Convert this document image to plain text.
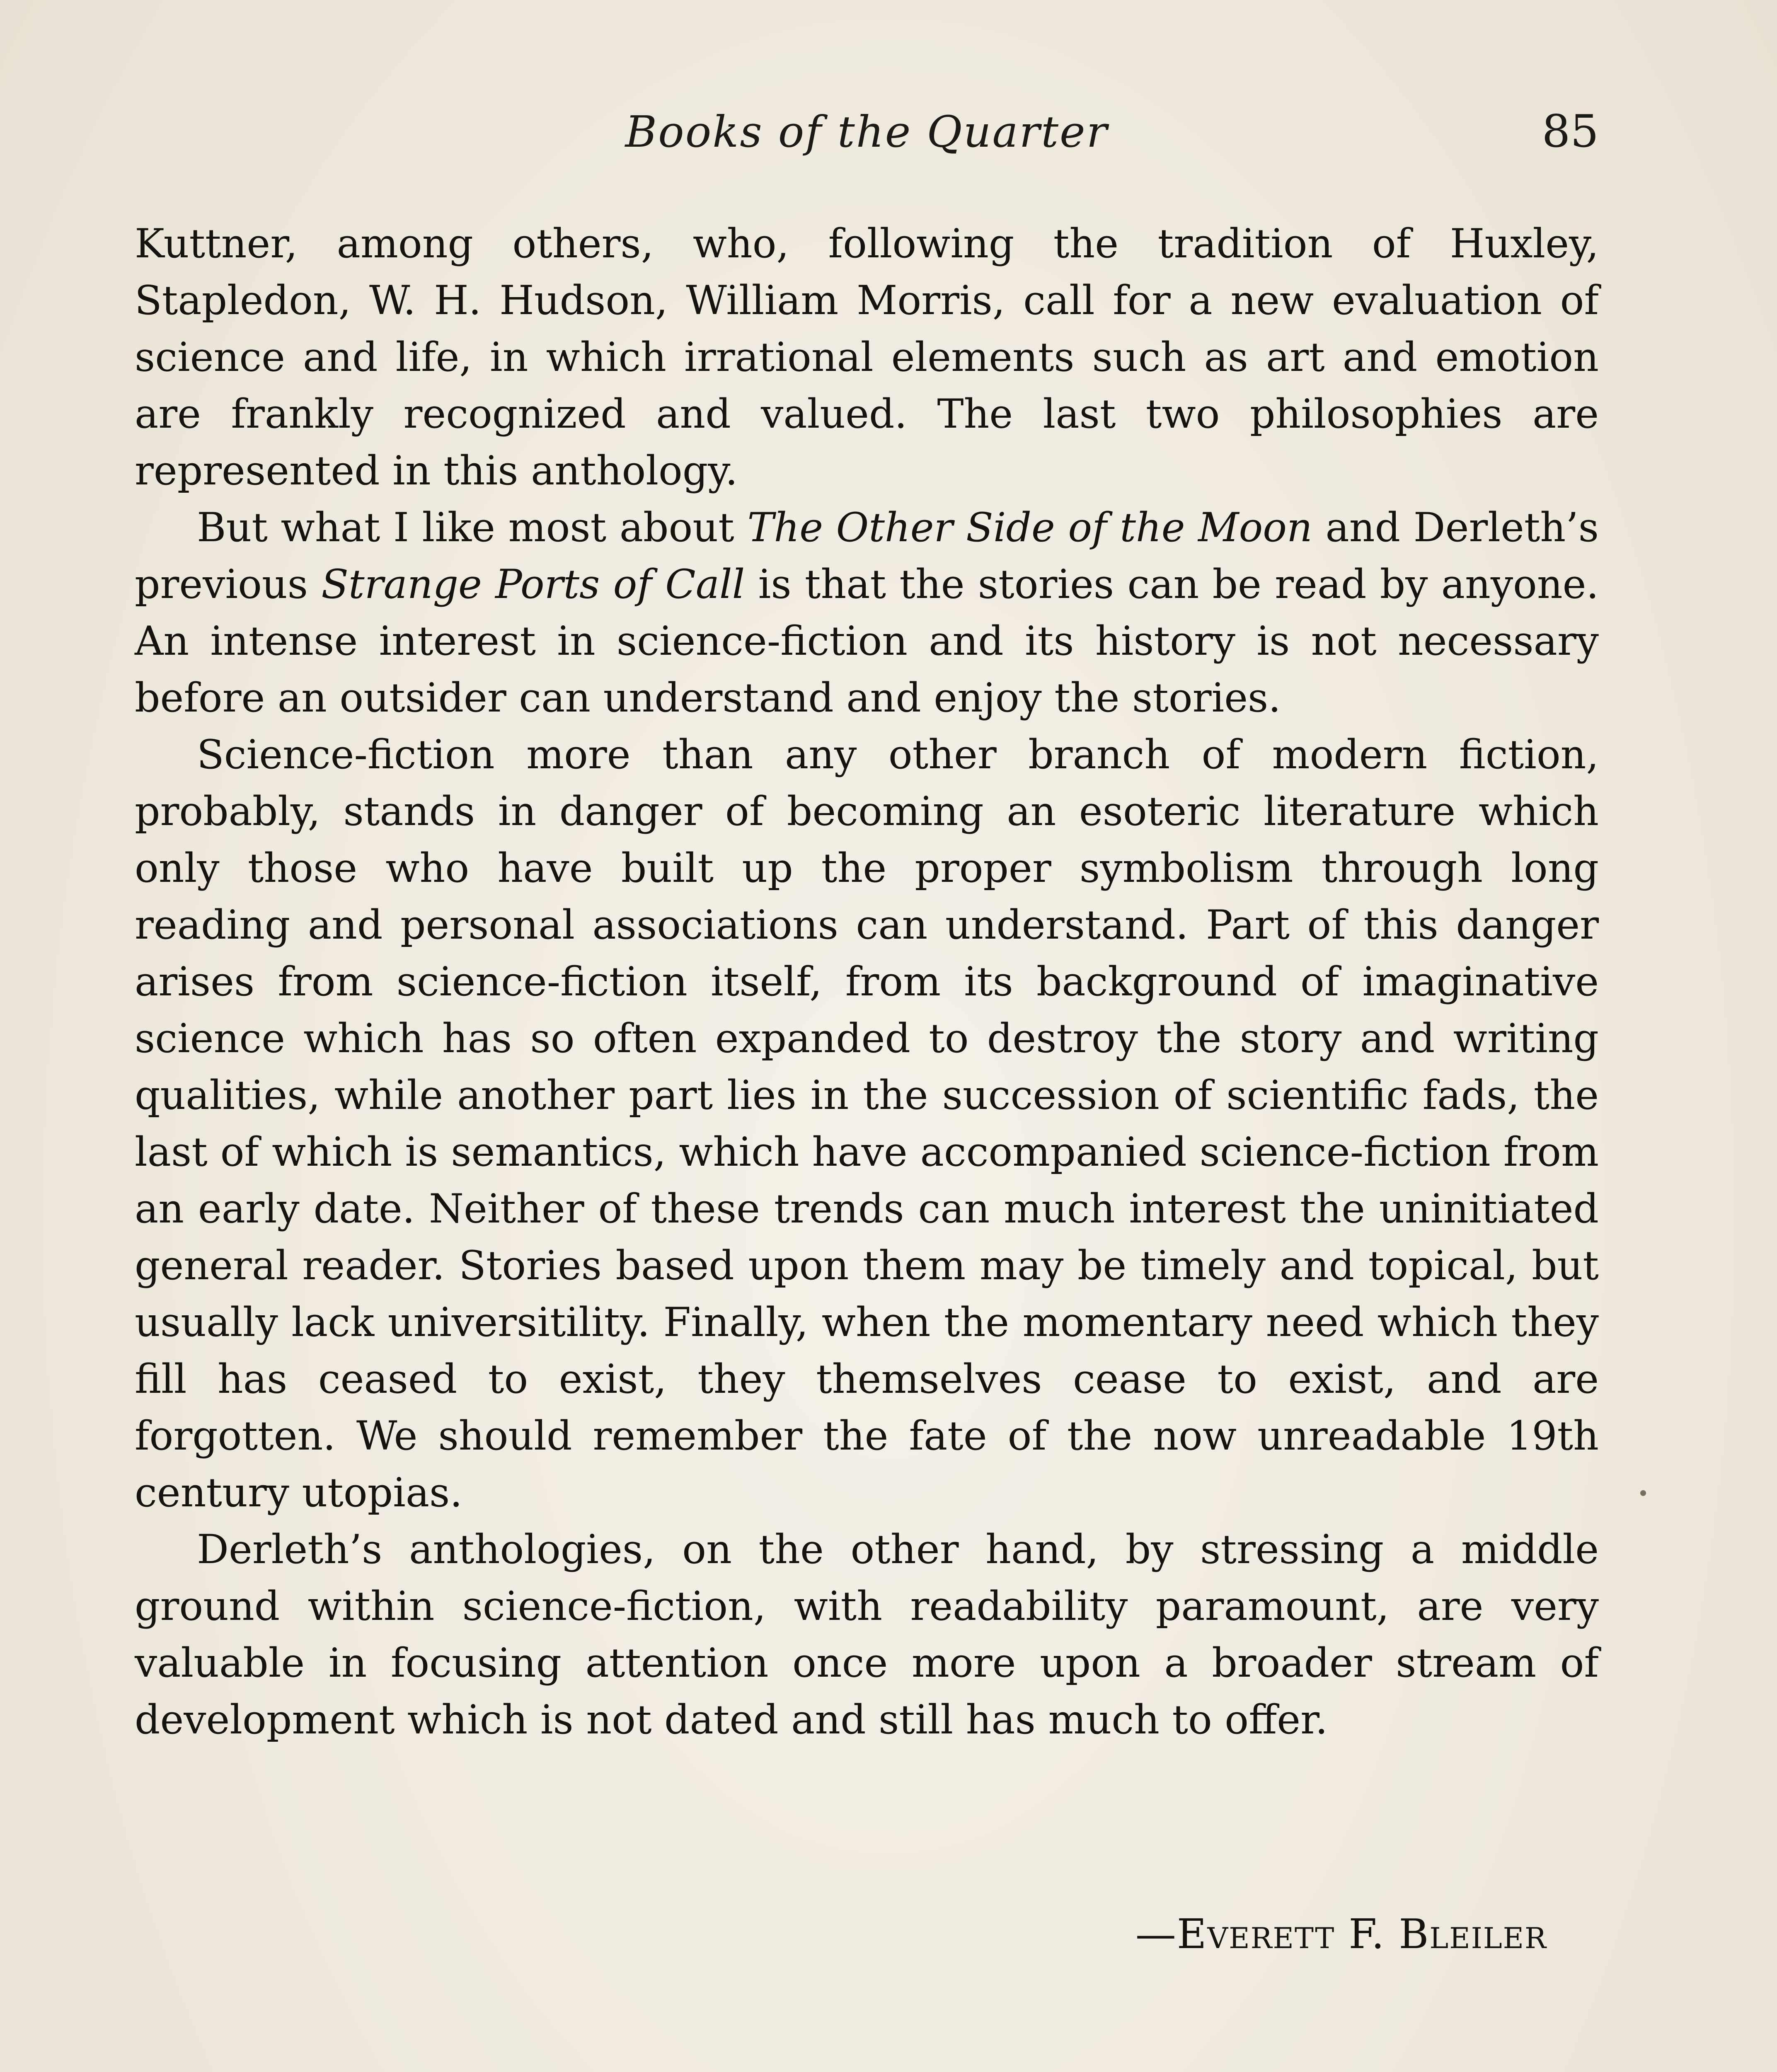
Books of the Quarter	85

Kuttner, among others, who, following the tradition of Huxley, Stapledon, W. H. Hudson, William Morris, call for a new evaluation of science and life, in which irrational elements such as art and emotion are frankly recognized and valued. The last two philosophies are represented in this anthology.

But what I like most about The Other Side of the Moon and Derleth’s previous Strange Ports of Call is that the stories can be read by anyone. An intense interest in science-fiction and its history is not necessary before an outsider can understand and enjoy the stories.

Science-fiction more than any other branch of modern fiction, probably, stands in danger of becoming an esoteric literature which only those who have built up the proper symbolism through long reading and personal associations can understand. Part of this danger arises from science-fiction itself, from its background of imaginative science which has so often expanded to destroy the story and writing qualities, while another part lies in the succession of scientific fads, the last of which is semantics, which have accompanied science-fiction from an early date. Neither of these trends can much interest the uninitiated general reader. Stories based upon them may be timely and topical, but usually lack universitility. Finally, when the momentary need which they fill has ceased to exist, they themselves cease to exist, and are forgotten. We should remember the fate of the now unreadable 19th century utopias.

Derleth’s anthologies, on the other hand, by stressing a middle ground within science-fiction, with readability paramount, are very valuable in focusing attention once more upon a broader stream of development which is not dated and still has much to offer.

—Everett F. Bleiler
